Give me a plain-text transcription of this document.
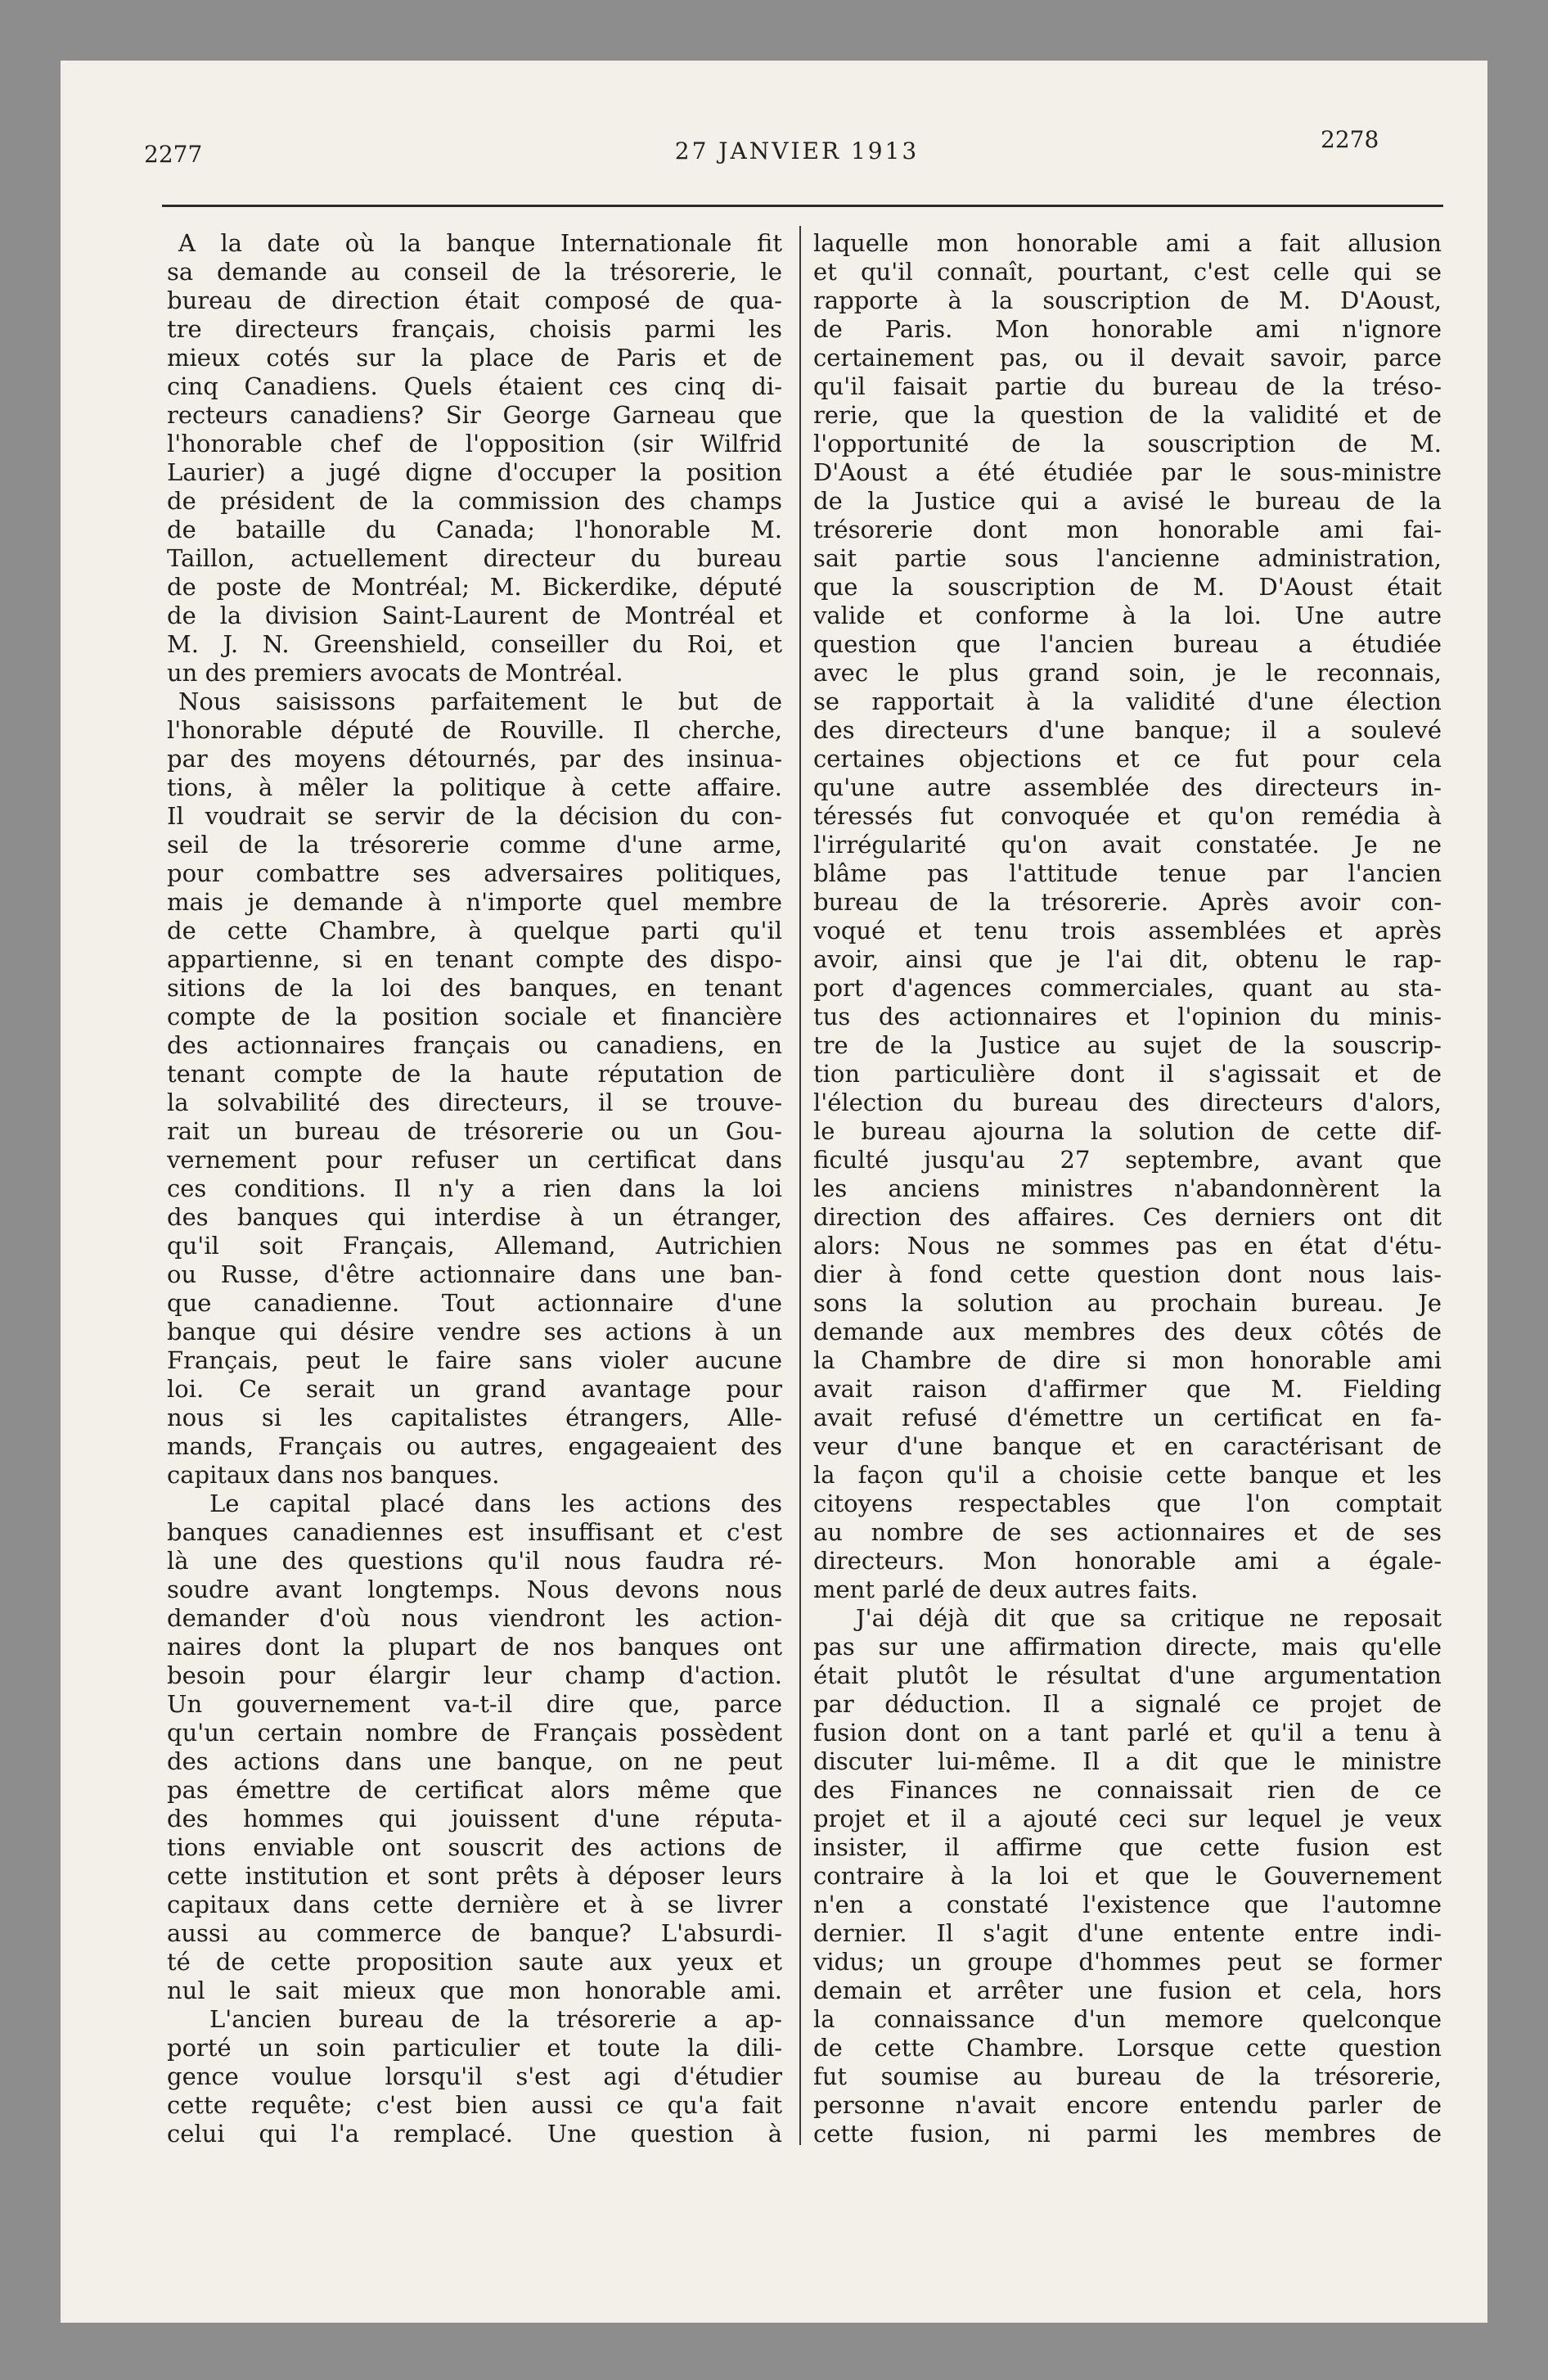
2277	27 JANVIER 1913	2278
A la date où la banque Internationale fit
sa demande au conseil de la trésorerie, le
bureau de direction était composé de qua-
tre directeurs français, choisis parmi les
mieux cotés sur la place de Paris et de
cinq Canadiens. Quels étaient ces cinq di-
recteurs canadiens? Sir George Garneau que
l'honorable chef de l'opposition (sir Wilfrid
Laurier) a jugé digne d'occuper la position
de président de la commission des champs
de bataille du Canada; l'honorable M.
Taillon, actuellement directeur du bureau
de poste de Montréal; M. Bickerdike, député
de la division Saint-Laurent de Montréal et
M. J. N. Greenshield, conseiller du Roi, et
un des premiers avocats de Montréal.
Nous saisissons parfaitement le but de
l'honorable député de Rouville. Il cherche,
par des moyens détournés, par des insinua-
tions, à mêler la politique à cette affaire.
Il voudrait se servir de la décision du con-
seil de la trésorerie comme d'une arme,
pour combattre ses adversaires politiques,
mais je demande à n'importe quel membre
de cette Chambre, à quelque parti qu'il
appartienne, si en tenant compte des dispo-
sitions de la loi des banques, en tenant
compte de la position sociale et financière
des actionnaires français ou canadiens, en
tenant compte de la haute réputation de
la solvabilité des directeurs, il se trouve-
rait un bureau de trésorerie ou un Gou-
vernement pour refuser un certificat dans
ces conditions. Il n'y a rien dans la loi
des banques qui interdise à un étranger,
qu'il soit Français, Allemand, Autrichien
ou Russe, d'être actionnaire dans une ban-
que canadienne. Tout actionnaire d'une
banque qui désire vendre ses actions à un
Français, peut le faire sans violer aucune
loi. Ce serait un grand avantage pour
nous si les capitalistes étrangers, Alle-
mands, Français ou autres, engageaient des
capitaux dans nos banques.
Le capital placé dans les actions des
banques canadiennes est insuffisant et c'est
là une des questions qu'il nous faudra ré-
soudre avant longtemps. Nous devons nous
demander d'où nous viendront les action-
naires dont la plupart de nos banques ont
besoin pour élargir leur champ d'action.
Un gouvernement va-t-il dire que, parce
qu'un certain nombre de Français possèdent
des actions dans une banque, on ne peut
pas émettre de certificat alors même que
des hommes qui jouissent d'une réputa-
tions enviable ont souscrit des actions de
cette institution et sont prêts à déposer leurs
capitaux dans cette dernière et à se livrer
aussi au commerce de banque? L'absurdi-
té de cette proposition saute aux yeux et
nul le sait mieux que mon honorable ami.
L'ancien bureau de la trésorerie a ap-
porté un soin particulier et toute la dili-
gence voulue lorsqu'il s'est agi d'étudier
cette requête; c'est bien aussi ce qu'a fait
celui qui l'a remplacé. Une question à
laquelle mon honorable ami a fait allusion
et qu'il connaît, pourtant, c'est celle qui se
rapporte à la souscription de M. D'Aoust,
de Paris. Mon honorable ami n'ignore
certainement pas, ou il devait savoir, parce
qu'il faisait partie du bureau de la tréso-
rerie, que la question de la validité et de
l'opportunité de la souscription de M.
D'Aoust a été étudiée par le sous-ministre
de la Justice qui a avisé le bureau de la
trésorerie dont mon honorable ami fai-
sait partie sous l'ancienne administration,
que la souscription de M. D'Aoust était
valide et conforme à la loi. Une autre
question que l'ancien bureau a étudiée
avec le plus grand soin, je le reconnais,
se rapportait à la validité d'une élection
des directeurs d'une banque; il a soulevé
certaines objections et ce fut pour cela
qu'une autre assemblée des directeurs in-
téressés fut convoquée et qu'on remédia à
l'irrégularité qu'on avait constatée. Je ne
blâme pas l'attitude tenue par l'ancien
bureau de la trésorerie. Après avoir con-
voqué et tenu trois assemblées et après
avoir, ainsi que je l'ai dit, obtenu le rap-
port d'agences commerciales, quant au sta-
tus des actionnaires et l'opinion du minis-
tre de la Justice au sujet de la souscrip-
tion particulière dont il s'agissait et de
l'élection du bureau des directeurs d'alors,
le bureau ajourna la solution de cette dif-
ficulté jusqu'au 27 septembre, avant que
les anciens ministres n'abandonnèrent la
direction des affaires. Ces derniers ont dit
alors: Nous ne sommes pas en état d'étu-
dier à fond cette question dont nous lais-
sons la solution au prochain bureau. Je
demande aux membres des deux côtés de
la Chambre de dire si mon honorable ami
avait raison d'affirmer que M. Fielding
avait refusé d'émettre un certificat en fa-
veur d'une banque et en caractérisant de
la façon qu'il a choisie cette banque et les
citoyens respectables que l'on comptait
au nombre de ses actionnaires et de ses
directeurs. Mon honorable ami a égale-
ment parlé de deux autres faits.
J'ai déjà dit que sa critique ne reposait
pas sur une affirmation directe, mais qu'elle
était plutôt le résultat d'une argumentation
par déduction. Il a signalé ce projet de
fusion dont on a tant parlé et qu'il a tenu à
discuter lui-même. Il a dit que le ministre
des Finances ne connaissait rien de ce
projet et il a ajouté ceci sur lequel je veux
insister, il affirme que cette fusion est
contraire à la loi et que le Gouvernement
n'en a constaté l'existence que l'automne
dernier. Il s'agit d'une entente entre indi-
vidus; un groupe d'hommes peut se former
demain et arrêter une fusion et cela, hors
la connaissance d'un memore quelconque
de cette Chambre. Lorsque cette question
fut soumise au bureau de la trésorerie,
personne n'avait encore entendu parler de
cette fusion, ni parmi les membres de
